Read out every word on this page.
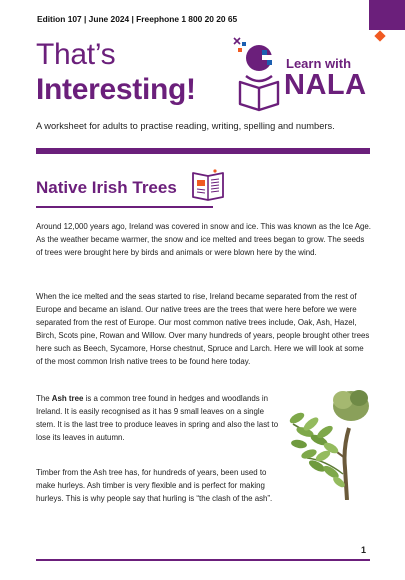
Edition 107 | June 2024 | Freephone 1 800 20 20 65
That’s
Interesting!
Learn with
NALA
A worksheet for adults to practise reading, writing, spelling and numbers.
Native Irish Trees

Around 12,000 years ago, Ireland was covered in snow and ice. This was known as the Ice Age. As the weather became warmer, the snow and ice melted and trees began to grow. The seeds of trees were brought here by birds and animals or were blown here by the wind.

When the ice melted and the seas started to rise, Ireland became separated from the rest of Europe and became an island. Our native trees are the trees that were here before we were separated from the rest of Europe. Our most common native trees include, Oak, Ash, Hazel, Birch, Scots pine, Rowan and Willow. Over many hundreds of years, people brought other trees here such as Beech, Sycamore, Horse chestnut, Spruce and Larch. Here we will look at some of the most common Irish native trees to be found here today.

The Ash tree is a common tree found in hedges and woodlands in Ireland. It is easily recognised as it has 9 small leaves on a single stem. It is the last tree to produce leaves in spring and also the last to lose its leaves in autumn.

Timber from the Ash tree has, for hundreds of years, been used to make hurleys. Ash timber is very flexible and is perfect for making hurleys. This is why people say that hurling is “the clash of the ash”.

1
